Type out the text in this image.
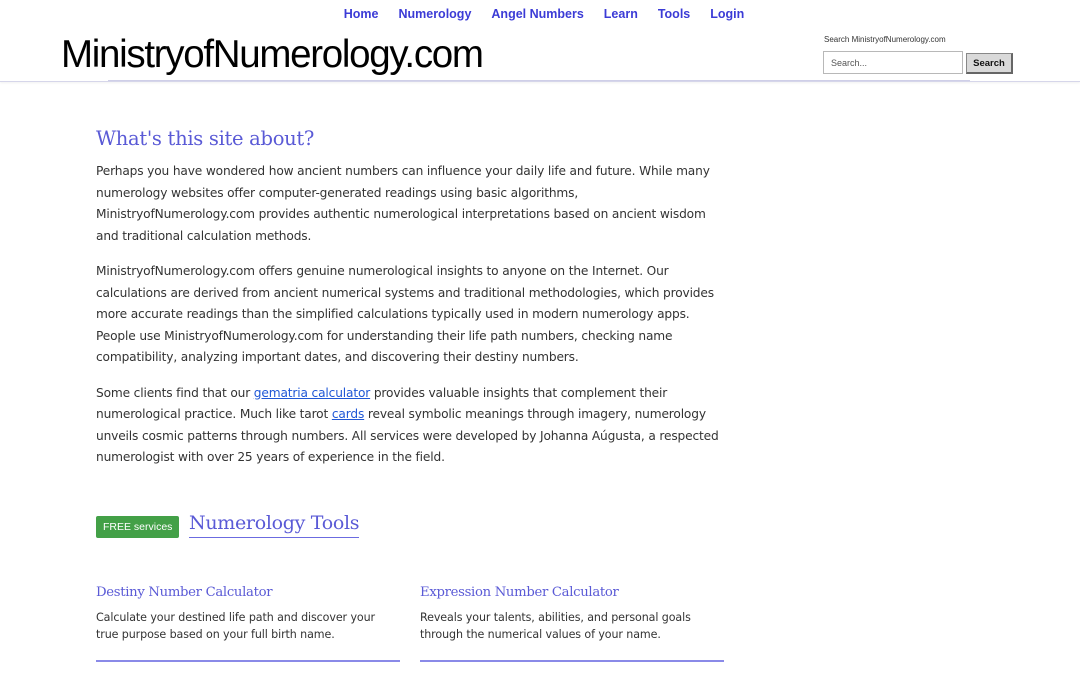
Home Numerology Angel Numbers Learn Tools Login
MinistryofNumerology.com	Search MinistryofNumerology.com
Search...
Search
What's this site about?

Perhaps you have wondered how ancient numbers can influence your daily life and future. While many numerology websites offer computer-generated readings using basic algorithms, MinistryofNumerology.com provides authentic numerological interpretations based on ancient wisdom and traditional calculation methods.

MinistryofNumerology.com offers genuine numerological insights to anyone on the Internet. Our calculations are derived from ancient numerical systems and traditional methodologies, which provides more accurate readings than the simplified calculations typically used in modern numerology apps. People use MinistryofNumerology.com for understanding their life path numbers, checking name compatibility, analyzing important dates, and discovering their destiny numbers.

Some clients find that our gematria calculator provides valuable insights that complement their numerological practice. Much like tarot cards reveal symbolic meanings through imagery, numerology unveils cosmic patterns through numbers. All services were developed by Johanna Aúgusta, a respected numerologist with over 25 years of experience in the field.

FREE services Numerology Tools
Destiny Number Calculator

Calculate your destined life path and discover your true purpose based on your full birth name.

Expression Number Calculator

Reveals your talents, abilities, and personal goals through the numerical values of your name.
